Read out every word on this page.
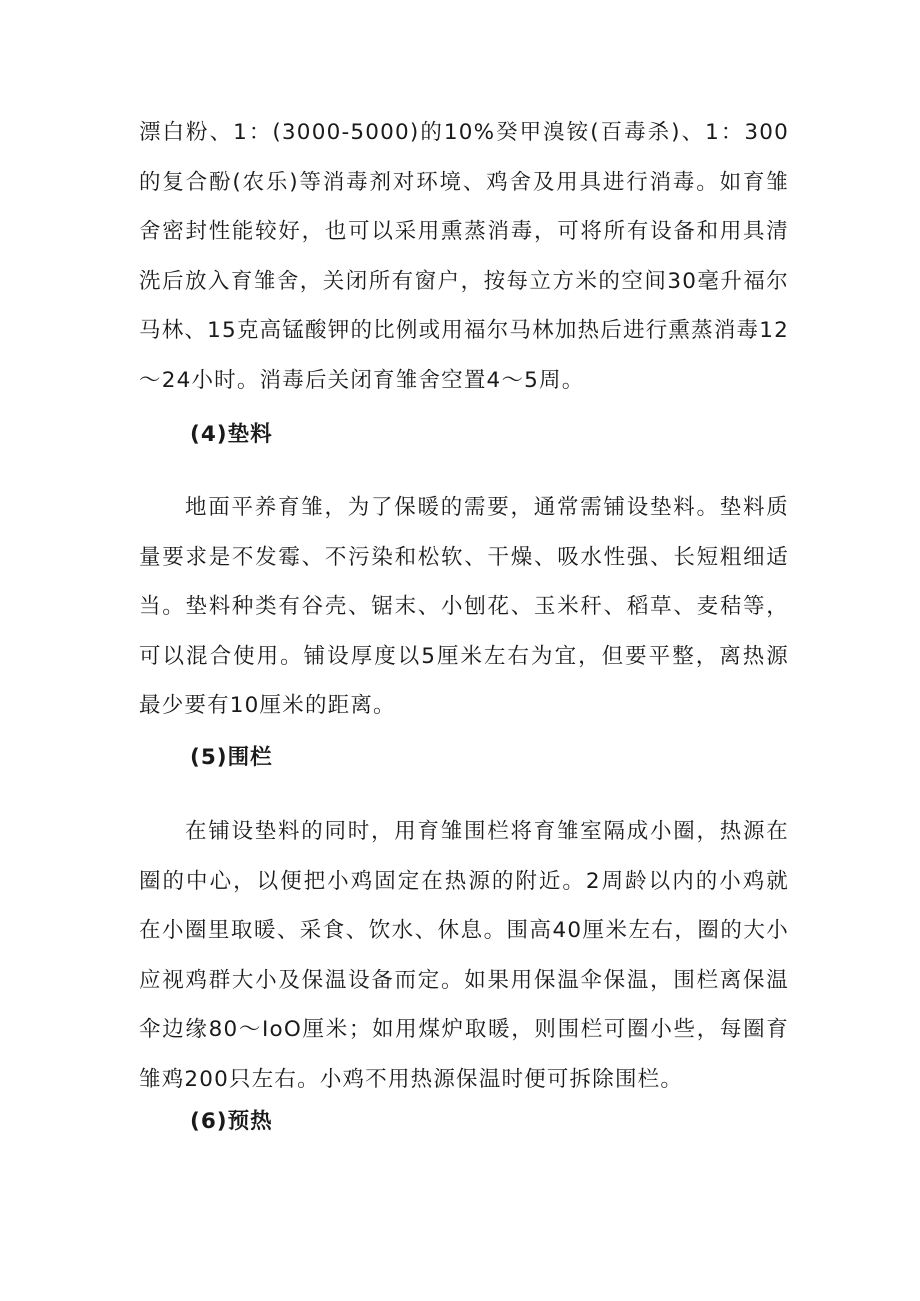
漂白粉、1：(3000-5000)的10%癸甲溴铵(百毒杀)、1：300的复合酚(农乐)等消毒剂对环境、鸡舍及用具进行消毒。如育雏舍密封性能较好，也可以采用熏蒸消毒，可将所有设备和用具清洗后放入育雏舍，关闭所有窗户，按每立方米的空间30毫升福尔马林、15克高锰酸钾的比例或用福尔马林加热后进行熏蒸消毒12～24小时。消毒后关闭育雏舍空置4～5周。

(4)垫料

地面平养育雏，为了保暖的需要，通常需铺设垫料。垫料质量要求是不发霉、不污染和松软、干燥、吸水性强、长短粗细适当。垫料种类有谷壳、锯末、小刨花、玉米秆、稻草、麦秸等，可以混合使用。铺设厚度以5厘米左右为宜，但要平整，离热源最少要有10厘米的距离。

(5)围栏

在铺设垫料的同时，用育雏围栏将育雏室隔成小圈，热源在圈的中心，以便把小鸡固定在热源的附近。2周龄以内的小鸡就在小圈里取暖、采食、饮水、休息。围高40厘米左右，圈的大小应视鸡群大小及保温设备而定。如果用保温伞保温，围栏离保温伞边缘80～IoO厘米；如用煤炉取暖，则围栏可圈小些，每圈育雏鸡200只左右。小鸡不用热源保温时便可拆除围栏。

(6)预热
